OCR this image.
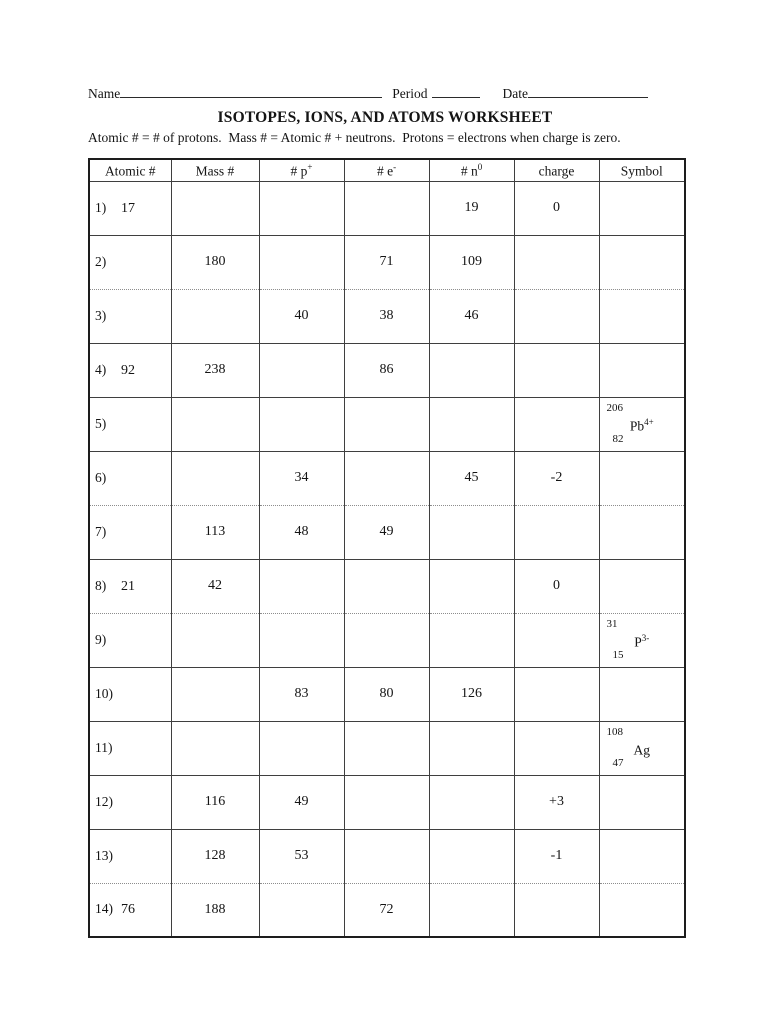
Name	Period	Date
ISOTOPES, IONS, AND ATOMS WORKSHEET
Atomic # = # of protons.  Mass # = Atomic # + neutrons.  Protons = electrons when charge is zero.
Atomic #	Mass #	# p+	# e-	# $n^0$	charge	Symbol
1) 17				19	0	

2)	180		71	109		

3)		40	38	46		

4) 92	238		86			

5)						206
$Pb^{4+}$
82

6)		34		45	-2	

7)	113	48	49			

8) 21	42				0	

9)						31
$P^{3-}$
15

10)		83	80	126		

11)						108
Ag
47

12)	116	49			+3	

13)	128	53			-1	

14) 76	188		72			
